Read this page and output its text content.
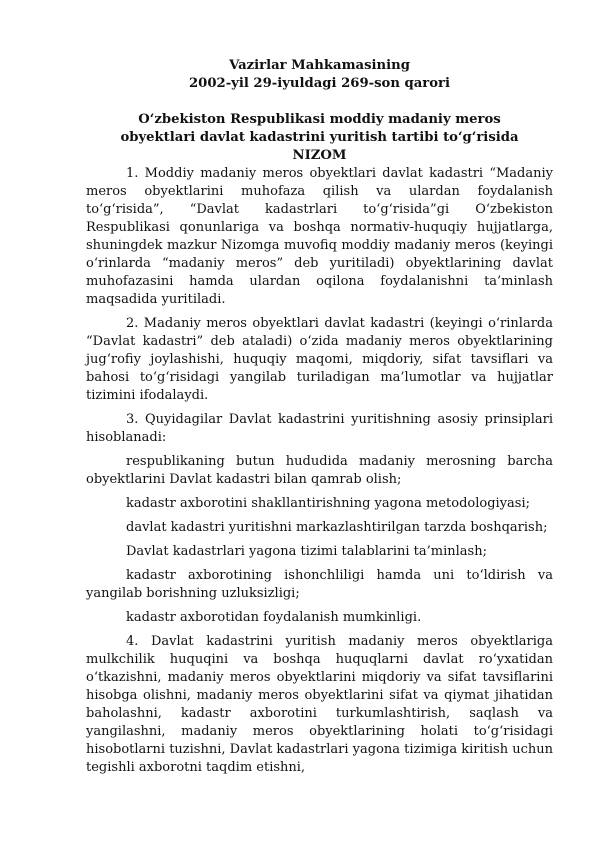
Vazirlar Mahkamasining
2002-yil 29-iyuldagi 269-son qarori
O‘zbekiston Respublikasi moddiy madaniy meros
obyektlari davlat kadastrini yuritish tartibi to‘g‘risida
NIZOM

1. Moddiy madaniy meros obyektlari davlat kadastri “Madaniy meros obyektlarini muhofaza qilish va ulardan foydalanish to‘g‘risida”, “Davlat kadastrlari to‘g‘risida”gi O‘zbekiston Respublikasi qonunlariga va boshqa normativ-huquqiy hujjatlarga, shuningdek mazkur Nizomga muvofiq moddiy madaniy meros (keyingi o‘rinlarda “madaniy meros” deb yuritiladi) obyektlarining davlat muhofazasini hamda ulardan oqilona foydalanishni ta’minlash maqsadida yuritiladi.

2. Madaniy meros obyektlari davlat kadastri (keyingi o‘rinlarda “Davlat kadastri” deb ataladi) o‘zida madaniy meros obyektlarining jug‘rofiy joylashishi, huquqiy maqomi, miqdoriy, sifat tavsiflari va bahosi to‘g‘risidagi yangilab turiladigan ma’lumotlar va hujjatlar tizimini ifodalaydi.

3. Quyidagilar Davlat kadastrini yuritishning asosiy prinsiplari hisoblanadi:

respublikaning butun hududida madaniy merosning barcha obyektlarini Davlat kadastri bilan qamrab olish;

kadastr axborotini shakllantirishning yagona metodologiyasi;

davlat kadastri yuritishni markazlashtirilgan tarzda boshqarish;

Davlat kadastrlari yagona tizimi talablarini ta’minlash;

kadastr axborotining ishonchliligi hamda uni to‘ldirish va yangilab borishning uzluksizligi;

kadastr axborotidan foydalanish mumkinligi.

4. Davlat kadastrini yuritish madaniy meros obyektlariga mulkchilik huquqini va boshqa huquqlarni davlat ro‘yxatidan o‘tkazishni, madaniy meros obyektlarini miqdoriy va sifat tavsiflarini hisobga olishni, madaniy meros obyektlarini sifat va qiymat jihatidan baholashni, kadastr axborotini turkumlashtirish, saqlash va yangilashni, madaniy meros obyektlarining holati to‘g‘risidagi hisobotlarni tuzishni, Davlat kadastrlari yagona tizimiga kiritish uchun tegishli axborotni taqdim etishni,
